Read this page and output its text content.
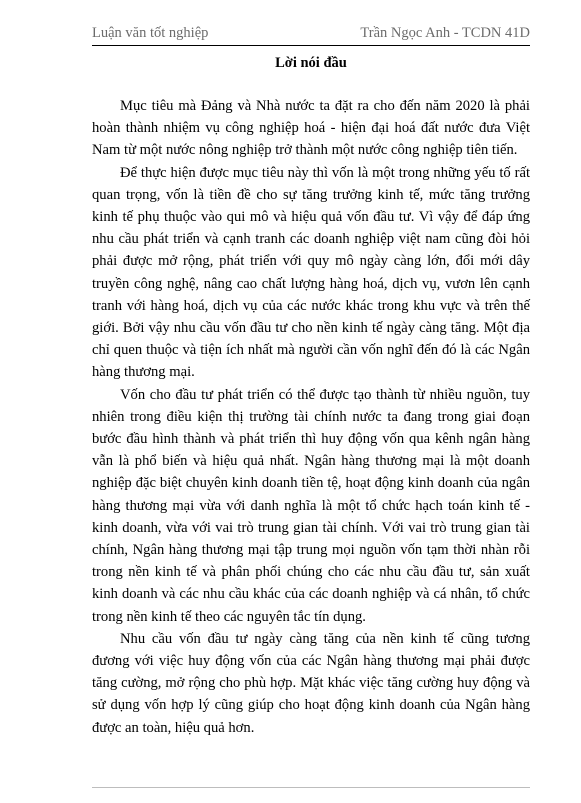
Luận văn tốt nghiệp	Trần Ngọc Anh - TCDN 41D
Lời nói đầu

Mục tiêu mà Đảng và Nhà nước ta đặt ra cho đến năm 2020 là phải hoàn thành nhiệm vụ công nghiệp hoá - hiện đại hoá đất nước đưa Việt Nam từ một nước nông nghiệp trở thành một nước công nghiệp tiên tiến.

Để thực hiện được mục tiêu này thì vốn là một trong những yếu tố rất quan trọng, vốn là tiền đề cho sự tăng trưởng kinh tế, mức tăng trưởng kinh tế phụ thuộc vào qui mô và hiệu quả vốn đầu tư. Vì vậy để đáp ứng nhu cầu phát triển và cạnh tranh các doanh nghiệp việt nam cũng đòi hỏi phải được mở rộng, phát triển với quy mô ngày càng lớn, đổi mới dây truyền công nghệ, nâng cao chất lượng hàng hoá, dịch vụ, vươn lên cạnh tranh với hàng hoá, dịch vụ của các nước khác trong khu vực và trên thế giới. Bởi vậy nhu cầu vốn đầu tư cho nền kinh tế ngày càng tăng. Một địa chỉ quen thuộc và tiện ích nhất mà người cần vốn nghĩ đến đó là các Ngân hàng thương mại.

Vốn cho đầu tư phát triển có thể được tạo thành từ nhiều nguồn, tuy nhiên trong điều kiện thị trường tài chính nước ta đang trong giai đoạn bước đầu hình thành và phát triển thì huy động vốn qua kênh ngân hàng vẫn là phổ biến và hiệu quả nhất. Ngân hàng thương mại là một doanh nghiệp đặc biệt chuyên kinh doanh tiền tệ, hoạt động kinh doanh của ngân hàng thương mại vừa với danh nghĩa là một tổ chức hạch toán kinh tế - kinh doanh, vừa với vai trò trung gian tài chính. Với vai trò trung gian tài chính, Ngân hàng thương mại tập trung mọi nguồn vốn tạm thời nhàn rỗi trong nền kinh tế và phân phối chúng cho các nhu cầu đầu tư, sản xuất kinh doanh và các nhu cầu khác của các doanh nghiệp và cá nhân, tổ chức trong nền kinh tế theo các nguyên tắc tín dụng.

Nhu cầu vốn đầu tư ngày càng tăng của nền kinh tế cũng tương đương với việc huy động vốn của các Ngân hàng thương mại phải được tăng cường, mở rộng cho phù hợp. Mặt khác việc tăng cường huy động và sử dụng vốn hợp lý cũng giúp cho hoạt động kinh doanh của Ngân hàng được an toàn, hiệu quả hơn.
